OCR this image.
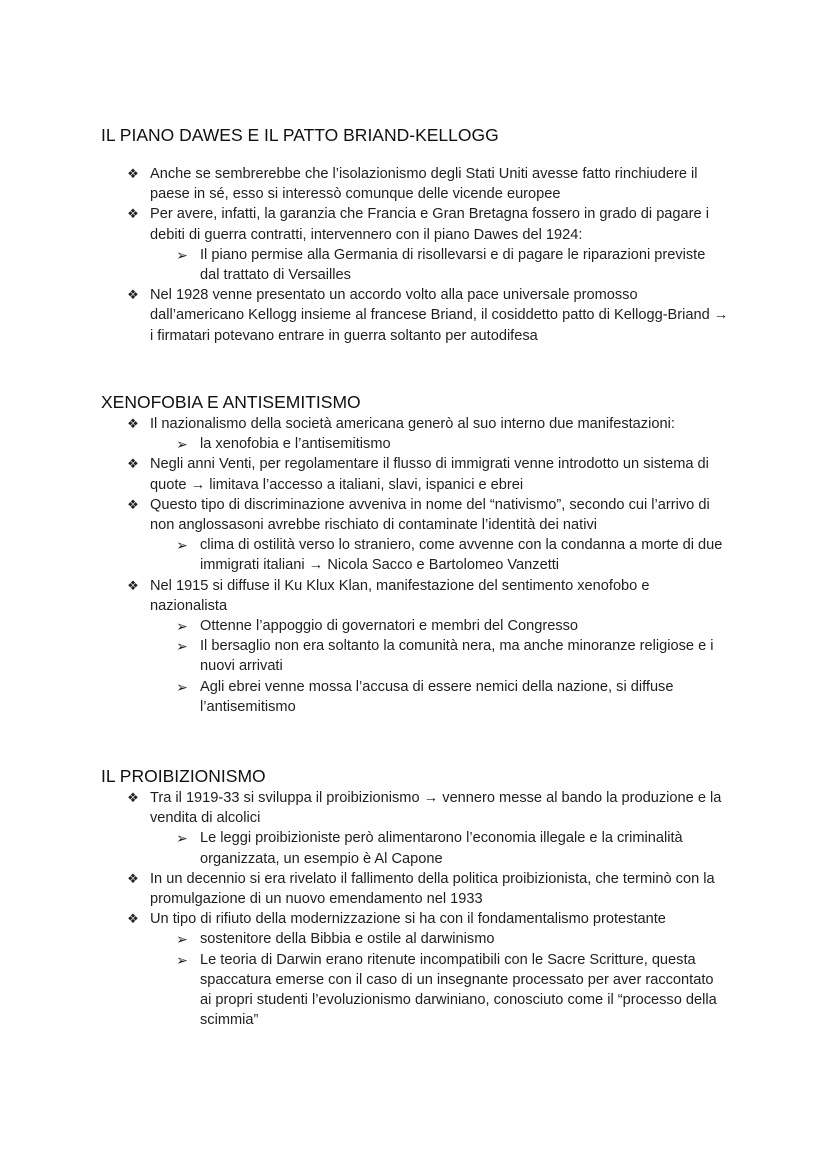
IL PIANO DAWES E IL PATTO BRIAND-KELLOGG
❖ Anche se sembrerebbe che l’isolazionismo degli Stati Uniti avesse fatto rinchiudere il paese in sé, esso si interessò comunque delle vicende europee
❖ Per avere, infatti, la garanzia che Francia e Gran Bretagna fossero in grado di pagare i debiti di guerra contratti, intervennero con il piano Dawes del 1924:
➢ Il piano permise alla Germania di risollevarsi e di pagare le riparazioni previste dal trattato di Versailles
❖ Nel 1928 venne presentato un accordo volto alla pace universale promosso dall’americano Kellogg insieme al francese Briand, il cosiddetto patto di Kellogg-Briand → i firmatari potevano entrare in guerra soltanto per autodifesa
XENOFOBIA E ANTISEMITISMO
❖ Il nazionalismo della società americana generò al suo interno due manifestazioni:
➢ la xenofobia e l’antisemitismo
❖ Negli anni Venti, per regolamentare il flusso di immigrati venne introdotto un sistema di quote → limitava l’accesso a italiani, slavi, ispanici e ebrei
❖ Questo tipo di discriminazione avveniva in nome del “nativismo”, secondo cui l’arrivo di non anglossasoni avrebbe rischiato di contaminate l’identità dei nativi
➢ clima di ostilità verso lo straniero, come avvenne con la condanna a morte di due immigrati italiani → Nicola Sacco e Bartolomeo Vanzetti
❖ Nel 1915 si diffuse il Ku Klux Klan, manifestazione del sentimento xenofobo e nazionalista
➢ Ottenne l’appoggio di governatori e membri del Congresso
➢ Il bersaglio non era soltanto la comunità nera, ma anche minoranze religiose e i nuovi arrivati
➢ Agli ebrei venne mossa l’accusa di essere nemici della nazione, si diffuse l’antisemitismo
IL PROIBIZIONISMO
❖ Tra il 1919-33 si sviluppa il proibizionismo → vennero messe al bando la produzione e la vendita di alcolici
➢ Le leggi proibizioniste però alimentarono l’economia illegale e la criminalità organizzata, un esempio è Al Capone
❖ In un decennio si era rivelato il fallimento della politica proibizionista, che terminò con la promulgazione di un nuovo emendamento nel 1933
❖ Un tipo di rifiuto della modernizzazione si ha con il fondamentalismo protestante
➢ sostenitore della Bibbia e ostile al darwinismo
➢ Le teoria di Darwin erano ritenute incompatibili con le Sacre Scritture, questa spaccatura emerse con il caso di un insegnante processato per aver raccontato ai propri studenti l’evoluzionismo darwiniano, conosciuto come il “processo della scimmia”
